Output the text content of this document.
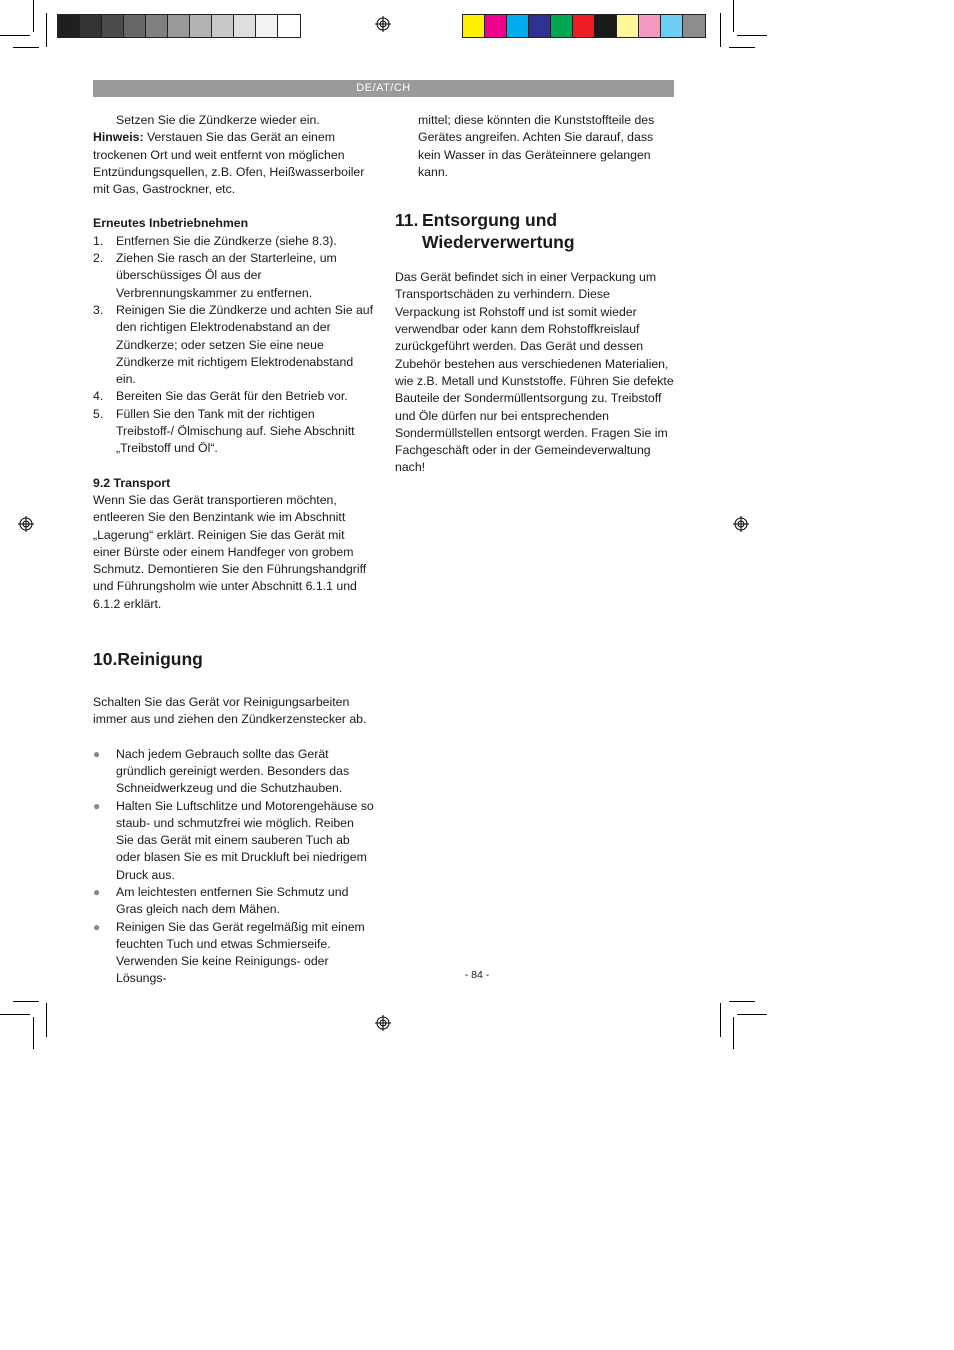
DE/AT/CH

Setzen Sie die Zündkerze wieder ein.

Hinweis: Verstauen Sie das Gerät an einem trockenen Ort und weit entfernt von möglichen Entzündungsquellen, z.B. Ofen, Heißwasserboiler mit Gas, Gastrockner, etc.

Erneutes Inbetriebnehmen

1. Entfernen Sie die Zündkerze (siehe 8.3).
2. Ziehen Sie rasch an der Starterleine, um überschüssiges Öl aus der Verbrennungskammer zu entfernen.
3. Reinigen Sie die Zündkerze und achten Sie auf den richtigen Elektrodenabstand an der Zündkerze; oder setzen Sie eine neue Zündkerze mit richtigem Elektrodenabstand ein.
4. Bereiten Sie das Gerät für den Betrieb vor.
5. Füllen Sie den Tank mit der richtigen Treibstoff-/ Ölmischung auf. Siehe Abschnitt „Treibstoff und Öl“.

9.2 Transport

Wenn Sie das Gerät transportieren möchten, entleeren Sie den Benzintank wie im Abschnitt „Lagerung“ erklärt. Reinigen Sie das Gerät mit einer Bürste oder einem Handfeger von grobem Schmutz. Demontieren Sie den Führungshandgriff und Führungsholm wie unter Abschnitt 6.1.1 und 6.1.2 erklärt.

10.Reinigung

Schalten Sie das Gerät vor Reinigungsarbeiten immer aus und ziehen den Zündkerzenstecker ab.

● Nach jedem Gebrauch sollte das Gerät gründlich gereinigt werden. Besonders das Schneidwerkzeug und die Schutzhauben.
● Halten Sie Luftschlitze und Motorengehäuse so staub- und schmutzfrei wie möglich. Reiben Sie das Gerät mit einem sauberen Tuch ab oder blasen Sie es mit Druckluft bei niedrigem Druck aus.
● Am leichtesten entfernen Sie Schmutz und Gras gleich nach dem Mähen.
● Reinigen Sie das Gerät regelmäßig mit einem feuchten Tuch und etwas Schmierseife. Verwenden Sie keine Reinigungs- oder Lösungs-

mittel; diese könnten die Kunststoffteile des Gerätes angreifen. Achten Sie darauf, dass kein Wasser in das Geräteinnere gelangen kann.

11. Entsorgung und
Wiederverwertung

Das Gerät befindet sich in einer Verpackung um Transportschäden zu verhindern. Diese Verpackung ist Rohstoff und ist somit wieder verwendbar oder kann dem Rohstoffkreislauf zurückgeführt werden. Das Gerät und dessen Zubehör bestehen aus verschiedenen Materialien, wie z.B. Metall und Kunststoffe. Führen Sie defekte Bauteile der Sondermüllentsorgung zu. Treibstoff und Öle dürfen nur bei entsprechenden Sondermüllstellen entsorgt werden. Fragen Sie im Fachgeschäft oder in der Gemeindeverwaltung nach!

- 84 -
